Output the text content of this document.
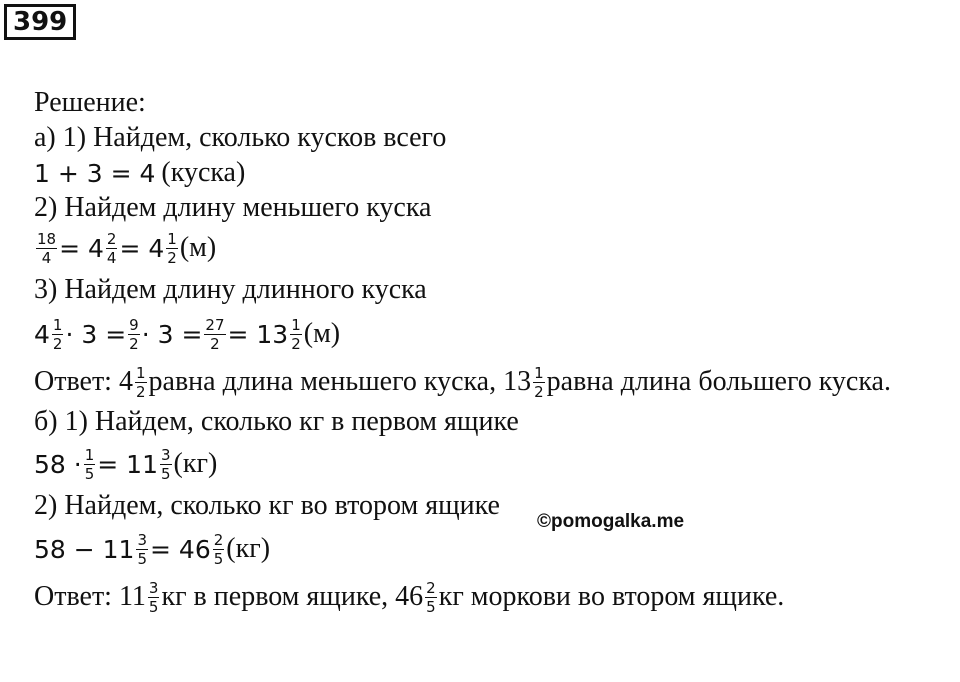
399
Решение:
а) 1) Найдем, сколько кусков всего
1 + 3 = 4 (куска)
2) Найдем длину меньшего куска
$\frac{18}{4} = 4 \frac{2}{4} = 4 \frac{1}{2} (м)$
3) Найдем длину длинного куска
$4 \frac{1}{2} \cdot 3 = \frac{9}{2} \cdot 3 = \frac{27}{2} = 13 \frac{1}{2} (м)$
Ответ: $4 \frac{1}{2}$ равна длина меньшего куска, $13 \frac{1}{2}$ равна длина большего куска.
б) 1) Найдем, сколько кг в первом ящике
$58 \cdot \frac{1}{5} = 11 \frac{3}{5} (кг)$
2) Найдем, сколько кг во втором ящике
$58 - 11 \frac{3}{5} = 46 \frac{2}{5} (кг)$
Ответ: $11 \frac{3}{5}$ кг в первом ящике, $46 \frac{2}{5}$ кг моркови во втором ящике.
©pomogalka.me
